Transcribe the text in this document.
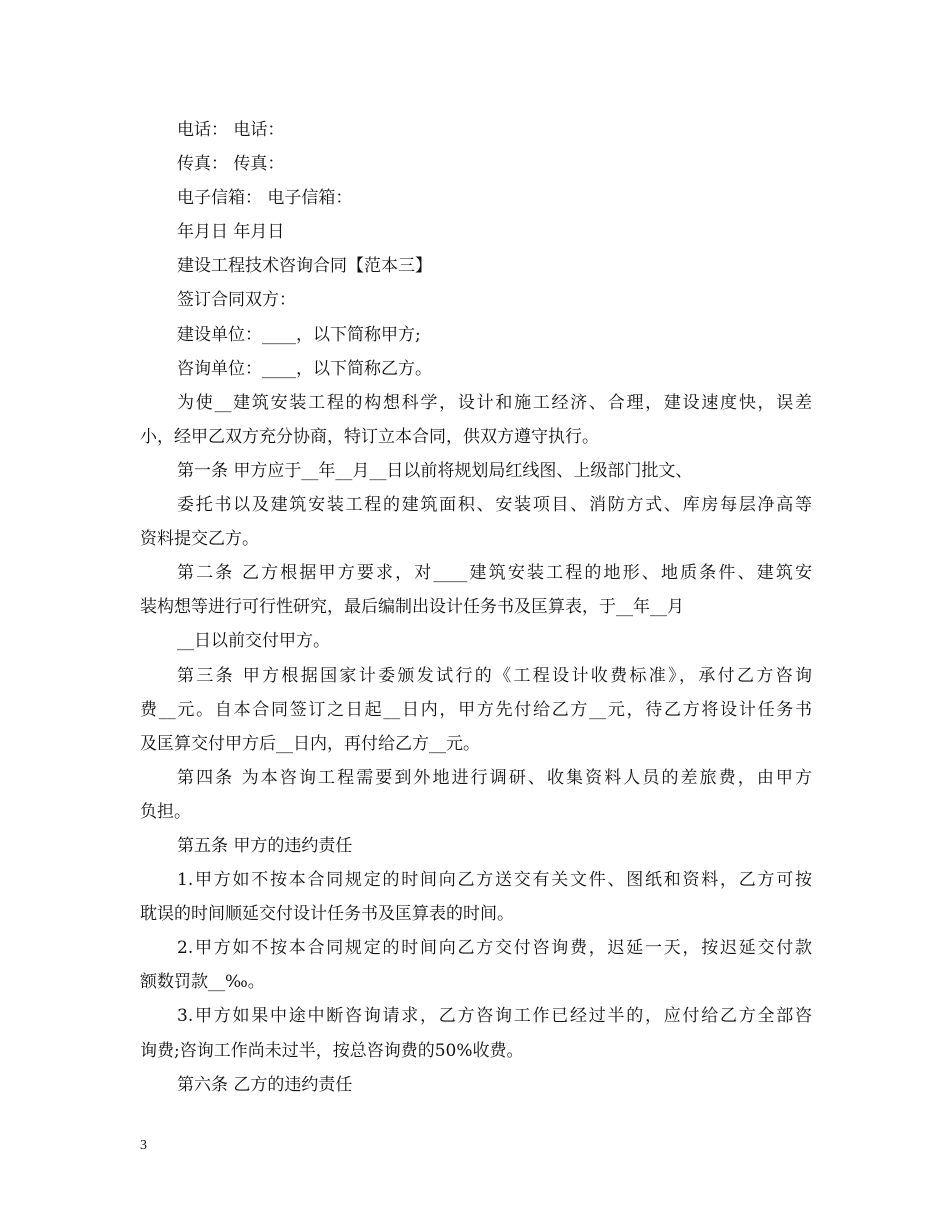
电话： 电话：
传真： 传真：
电子信箱： 电子信箱：
年月日 年月日
建设工程技术咨询合同【范本三】
签订合同双方：
建设单位：____，以下简称甲方;
咨询单位：____，以下简称乙方。
为使__建筑安装工程的构想科学，设计和施工经济、合理，建设速度快，误差
小，经甲乙双方充分协商，特订立本合同，供双方遵守执行。
第一条 甲方应于__年__月__日以前将规划局红线图、上级部门批文、
委托书以及建筑安装工程的建筑面积、安装项目、消防方式、库房每层净高等
资料提交乙方。
第二条 乙方根据甲方要求，对____建筑安装工程的地形、地质条件、建筑安
装构想等进行可行性研究，最后编制出设计任务书及匡算表，于__年__月
__日以前交付甲方。
第三条 甲方根据国家计委颁发试行的《工程设计收费标准》，承付乙方咨询
费__元。自本合同签订之日起__日内，甲方先付给乙方__元，待乙方将设计任务书
及匡算交付甲方后__日内，再付给乙方__元。
第四条 为本咨询工程需要到外地进行调研、收集资料人员的差旅费，由甲方
负担。
第五条 甲方的违约责任
1.甲方如不按本合同规定的时间向乙方送交有关文件、图纸和资料，乙方可按
耽误的时间顺延交付设计任务书及匡算表的时间。
2.甲方如不按本合同规定的时间向乙方交付咨询费，迟延一天，按迟延交付款
额数罚款__‰。
3.甲方如果中途中断咨询请求，乙方咨询工作已经过半的，应付给乙方全部咨
询费;咨询工作尚未过半，按总咨询费的50%收费。
第六条 乙方的违约责任
3
